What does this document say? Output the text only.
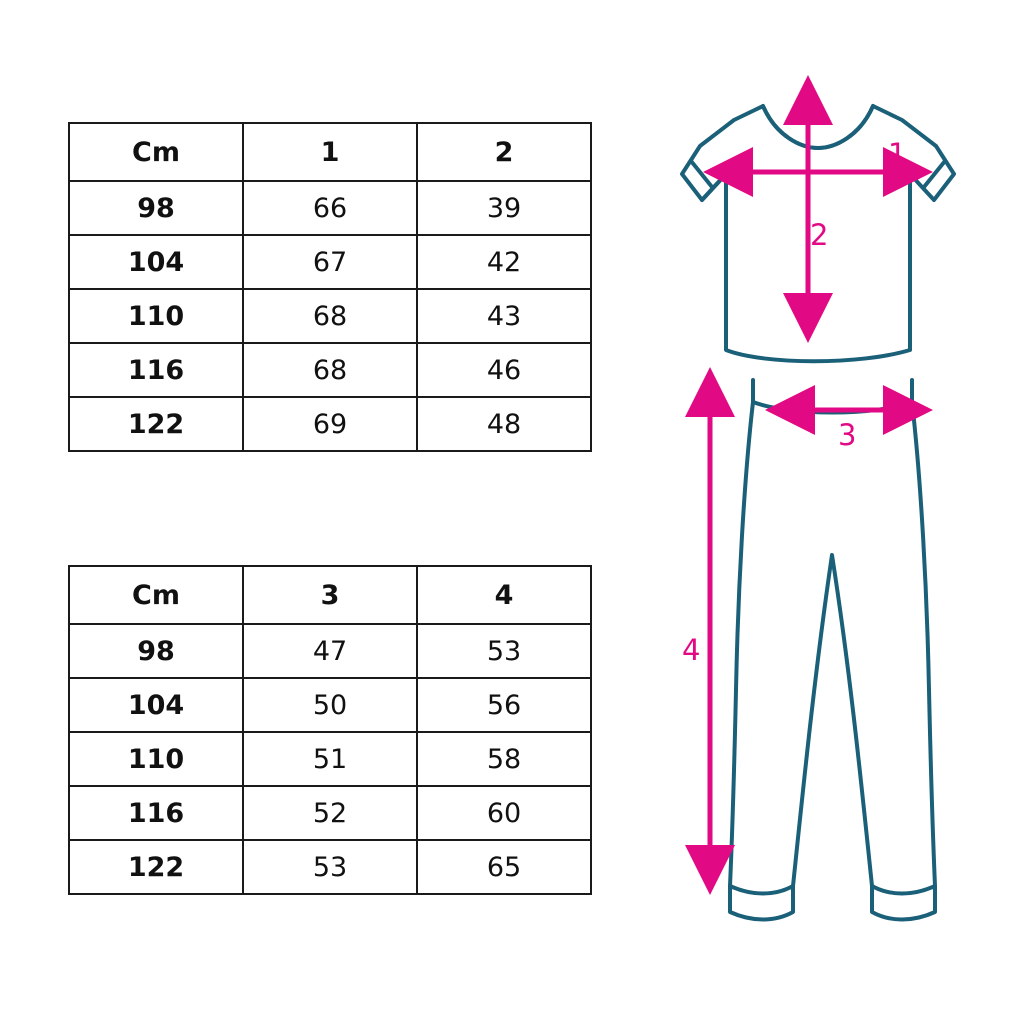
Cm	1	2
98	66	39
104	67	42
110	68	43
116	68	46
122	69	48
Cm	3	4
98	47	53
104	50	56
110	51	58
116	52	60
122	53	65
1
2
3
4
